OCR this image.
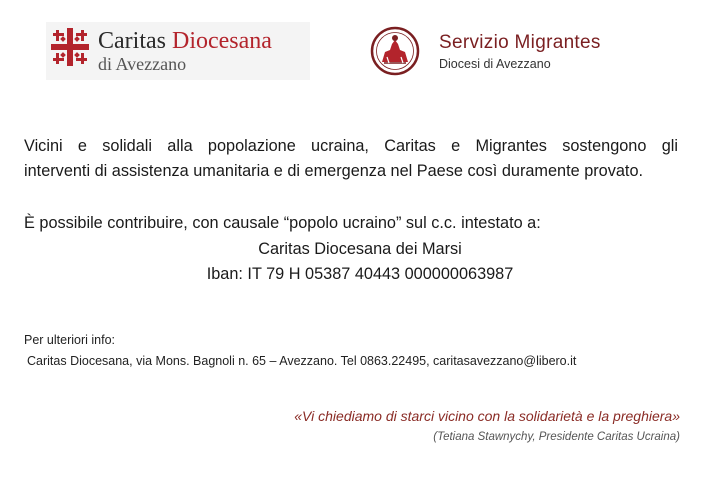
Caritas Diocesana
di Avezzano
Servizio Migrantes
Diocesi di Avezzano
Vicini e solidali alla popolazione ucraina, Caritas e Migrantes sostengono gli
interventi di assistenza umanitaria e di emergenza nel Paese così duramente provato.
È possibile contribuire, con causale “popolo ucraino” sul c.c. intestato a:
Caritas Diocesana dei Marsi
Iban: IT 79 H 05387 40443 000000063987
Per ulteriori info:
Caritas Diocesana, via Mons. Bagnoli n. 65 – Avezzano. Tel 0863.22495, caritasavezzano@libero.it
«Vi chiediamo di starci vicino con la solidarietà e la preghiera»
(Tetiana Stawnychy, Presidente Caritas Ucraina)
